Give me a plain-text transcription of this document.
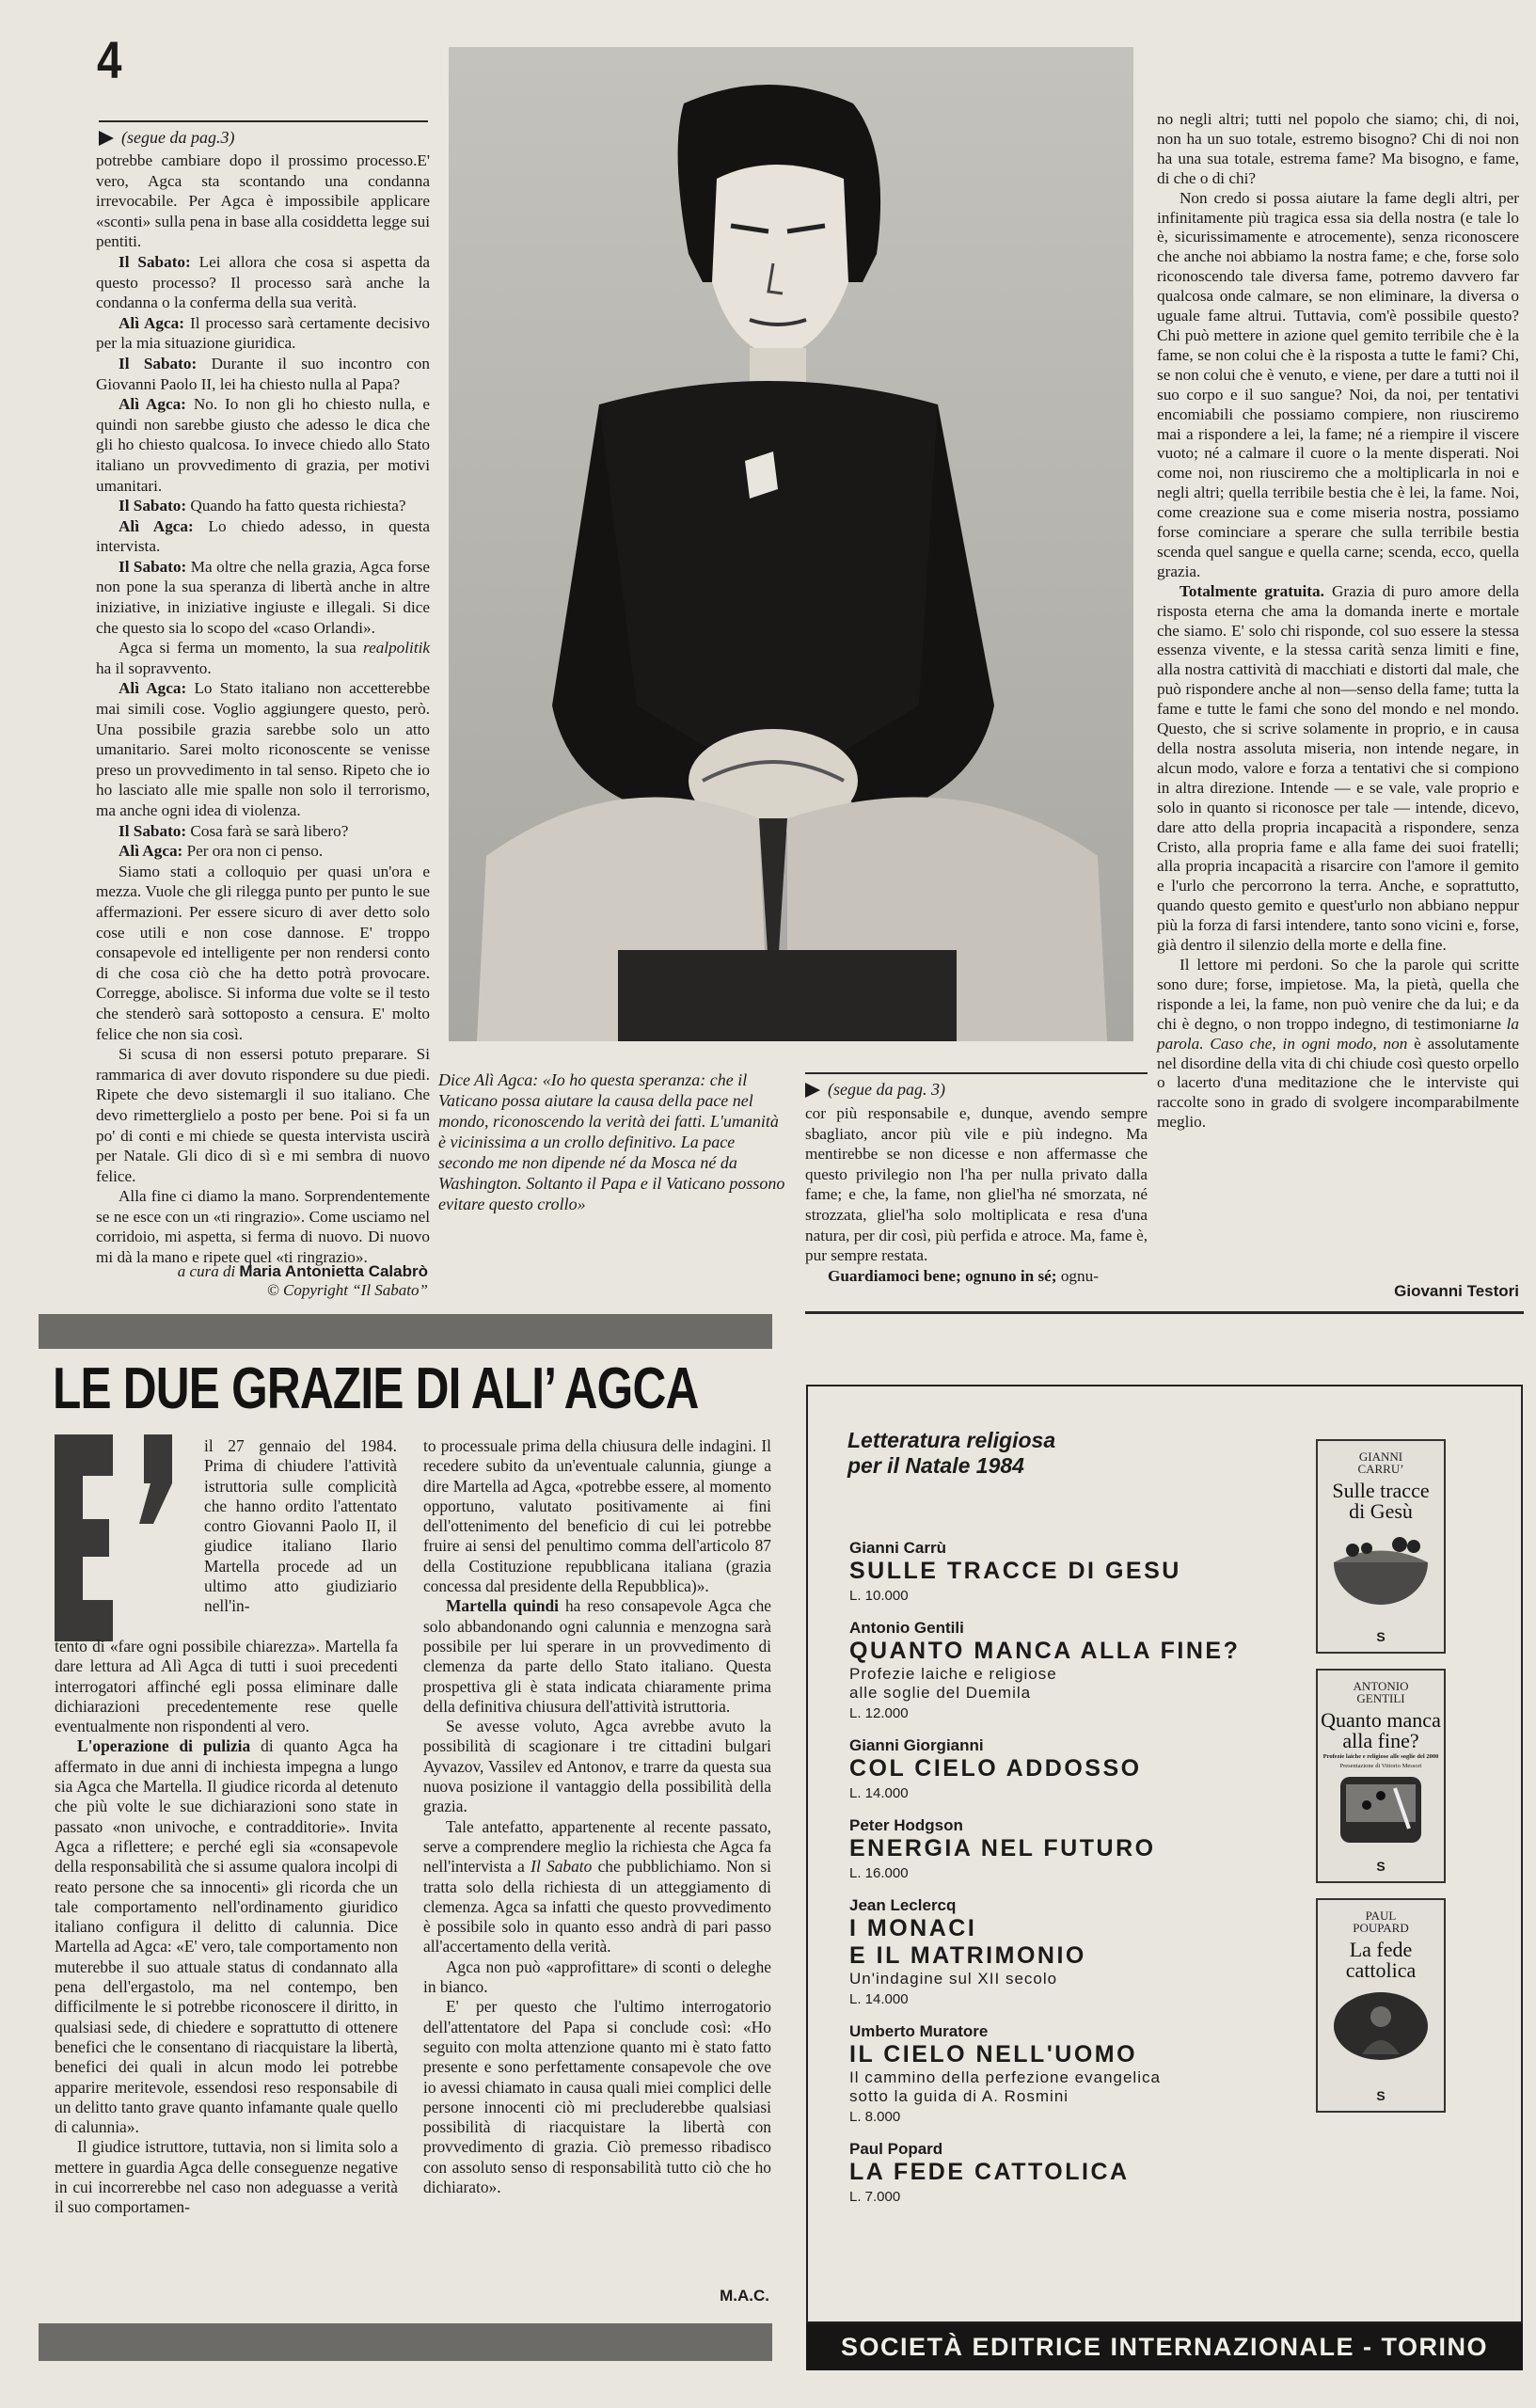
4
(segue da pag.3)

potrebbe cambiare dopo il prossimo processo.E' vero, Agca sta scontando una condanna irrevocabile. Per Agca è impossibile applicare «sconti» sulla pena in base alla cosiddetta legge sui pentiti.

Il Sabato: Lei allora che cosa si aspetta da questo processo? Il processo sarà anche la condanna o la conferma della sua verità.

Alì Agca: Il processo sarà certamente decisivo per la mia situazione giuridica.

Il Sabato: Durante il suo incontro con Giovanni Paolo II, lei ha chiesto nulla al Papa?

Alì Agca: No. Io non gli ho chiesto nulla, e quindi non sarebbe giusto che adesso le dica che gli ho chiesto qualcosa. Io invece chiedo allo Stato italiano un provvedimento di grazia, per motivi umanitari.

Il Sabato: Quando ha fatto questa richiesta?

Alì Agca: Lo chiedo adesso, in questa intervista.

Il Sabato: Ma oltre che nella grazia, Agca forse non pone la sua speranza di libertà anche in altre iniziative, in iniziative ingiuste e illegali. Si dice che questo sia lo scopo del «caso Orlandi».

Agca si ferma un momento, la sua realpolitik ha il sopravvento.

Alì Agca: Lo Stato italiano non accetterebbe mai simili cose. Voglio aggiungere questo, però. Una possibile grazia sarebbe solo un atto umanitario. Sarei molto riconoscente se venisse preso un provvedimento in tal senso. Ripeto che io ho lasciato alle mie spalle non solo il terrorismo, ma anche ogni idea di violenza.

Il Sabato: Cosa farà se sarà libero?

Alì Agca: Per ora non ci penso.

Siamo stati a colloquio per quasi un'ora e mezza. Vuole che gli rilegga punto per punto le sue affermazioni. Per essere sicuro di aver detto solo cose utili e non cose dannose. E' troppo consapevole ed intelligente per non rendersi conto di che cosa ciò che ha detto potrà provocare. Corregge, abolisce. Si informa due volte se il testo che stenderò sarà sottoposto a censura. E' molto felice che non sia così.

Si scusa di non essersi potuto preparare. Si rammarica di aver dovuto rispondere su due piedi. Ripete che devo sistemargli il suo italiano. Che devo rimetterglielo a posto per bene. Poi si fa un po' di conti e mi chiede se questa intervista uscirà per Natale. Gli dico di sì e mi sembra di nuovo felice.

Alla fine ci diamo la mano. Sorprendentemente se ne esce con un «ti ringrazio». Come usciamo nel corridoio, mi aspetta, si ferma di nuovo. Di nuovo mi dà la mano e ripete quel «ti ringrazio».

a cura di Maria Antonietta Calabrò
© Copyright “Il Sabato”
Dice Alì Agca: «Io ho questa speranza: che il Vaticano possa aiutare la causa della pace nel mondo, riconoscendo la verità dei fatti. L'umanità è vicinissima a un crollo definitivo. La pace secondo me non dipende né da Mosca né da Washington. Soltanto il Papa e il Vaticano possono evitare questo crollo»
(segue da pag. 3)

cor più responsabile e, dunque, avendo sempre sbagliato, ancor più vile e più indegno. Ma mentirebbe se non dicesse e non affermasse che questo privilegio non l'ha per nulla privato dalla fame; e che, la fame, non gliel'ha né smorzata, né strozzata, gliel'ha solo moltiplicata e resa d'una natura, per dir così, più perfida e atroce. Ma, fame è, pur sempre restata.

Guardiamoci bene; ognuno in sé; ognu-

no negli altri; tutti nel popolo che siamo; chi, di noi, non ha un suo totale, estremo bisogno? Chi di noi non ha una sua totale, estrema fame? Ma bisogno, e fame, di che o di chi?

Non credo si possa aiutare la fame degli altri, per infinitamente più tragica essa sia della nostra (e tale lo è, sicurissimamente e atrocemente), senza riconoscere che anche noi abbiamo la nostra fame; e che, forse solo riconoscendo tale diversa fame, potremo davvero far qualcosa onde calmare, se non eliminare, la diversa o uguale fame altrui. Tuttavia, com'è possibile questo? Chi può mettere in azione quel gemito terribile che è la fame, se non colui che è la risposta a tutte le fami? Chi, se non colui che è venuto, e viene, per dare a tutti noi il suo corpo e il suo sangue? Noi, da noi, per tentativi encomiabili che possiamo compiere, non riusciremo mai a rispondere a lei, la fame; né a riempire il viscere vuoto; né a calmare il cuore o la mente disperati. Noi come noi, non riusciremo che a moltiplicarla in noi e negli altri; quella terribile bestia che è lei, la fame. Noi, come creazione sua e come miseria nostra, possiamo forse cominciare a sperare che sulla terribile bestia scenda quel sangue e quella carne; scenda, ecco, quella grazia.

Totalmente gratuita. Grazia di puro amore della risposta eterna che ama la domanda inerte e mortale che siamo. E' solo chi risponde, col suo essere la stessa essenza vivente, e la stessa carità senza limiti e fine, alla nostra cattività di macchiati e distorti dal male, che può rispondere anche al non—senso della fame; tutta la fame e tutte le fami che sono del mondo e nel mondo. Questo, che si scrive solamente in proprio, e in causa della nostra assoluta miseria, non intende negare, in alcun modo, valore e forza a tentativi che si compiono in altra direzione. Intende — e se vale, vale proprio e solo in quanto si riconosce per tale — intende, dicevo, dare atto della propria incapacità a rispondere, senza Cristo, alla propria fame e alla fame dei suoi fratelli; alla propria incapacità a risarcire con l'amore il gemito e l'urlo che percorrono la terra. Anche, e soprattutto, quando questo gemito e quest'urlo non abbiano neppur più la forza di farsi intendere, tanto sono vicini e, forse, già dentro il silenzio della morte e della fine.

Il lettore mi perdoni. So che la parole qui scritte sono dure; forse, impietose. Ma, la pietà, quella che risponde a lei, la fame, non può venire che da lui; e da chi è degno, o non troppo indegno, di testimoniarne la parola. Caso che, in ogni modo, non è assolutamente nel disordine della vita di chi chiude così questo orpello o lacerto d'una meditazione che le interviste qui raccolte sono in grado di svolgere incomparabilmente meglio.

Giovanni Testori
LE DUE GRAZIE DI ALI’ AGCA

il 27 gennaio del 1984. Prima di chiudere l'attività istruttoria sulle complicità che hanno ordito l'attentato contro Giovanni Paolo II, il giudice italiano Ilario Martella procede ad un ultimo atto giudiziario nell'in-

tento di «fare ogni possibile chiarezza». Martella fa dare lettura ad Alì Agca di tutti i suoi precedenti interrogatori affinché egli possa eliminare dalle dichiarazioni precedentemente rese quelle eventualmente non rispondenti al vero.

L'operazione di pulizia di quanto Agca ha affermato in due anni di inchiesta impegna a lungo sia Agca che Martella. Il giudice ricorda al detenuto che più volte le sue dichiarazioni sono state in passato «non univoche, e contradditorie». Invita Agca a riflettere; e perché egli sia «consapevole della responsabilità che si assume qualora incolpi di reato persone che sa innocenti» gli ricorda che un tale comportamento nell'ordinamento giuridico italiano configura il delitto di calunnia. Dice Martella ad Agca: «E' vero, tale comportamento non muterebbe il suo attuale status di condannato alla pena dell'ergastolo, ma nel contempo, ben difficilmente le si potrebbe riconoscere il diritto, in qualsiasi sede, di chiedere e soprattutto di ottenere benefici che le consentano di riacquistare la libertà, benefici dei quali in alcun modo lei potrebbe apparire meritevole, essendosi reso responsabile di un delitto tanto grave quanto infamante quale quello di calunnia».

Il giudice istruttore, tuttavia, non si limita solo a mettere in guardia Agca delle conseguenze negative in cui incorrerebbe nel caso non adeguasse a verità il suo comportamen-

to processuale prima della chiusura delle indagini. Il recedere subito da un'eventuale calunnia, giunge a dire Martella ad Agca, «potrebbe essere, al momento opportuno, valutato positivamente ai fini dell'ottenimento del beneficio di cui lei potrebbe fruire ai sensi del penultimo comma dell'articolo 87 della Costituzione repubblicana italiana (grazia concessa dal presidente della Repubblica)».

Martella quindi ha reso consapevole Agca che solo abbandonando ogni calunnia e menzogna sarà possibile per lui sperare in un provvedimento di clemenza da parte dello Stato italiano. Questa prospettiva gli è stata indicata chiaramente prima della definitiva chiusura dell'attività istruttoria.

Se avesse voluto, Agca avrebbe avuto la possibilità di scagionare i tre cittadini bulgari Ayvazov, Vassilev ed Antonov, e trarre da questa sua nuova posizione il vantaggio della possibilità della grazia.

Tale antefatto, appartenente al recente passato, serve a comprendere meglio la richiesta che Agca fa nell'intervista a Il Sabato che pubblichiamo. Non si tratta solo della richiesta di un atteggiamento di clemenza. Agca sa infatti che questo provvedimento è possibile solo in quanto esso andrà di pari passo all'accertamento della verità.

Agca non può «approfittare» di sconti o deleghe in bianco.

E' per questo che l'ultimo interrogatorio dell'attentatore del Papa si conclude così: «Ho seguito con molta attenzione quanto mi è stato fatto presente e sono perfettamente consapevole che ove io avessi chiamato in causa quali miei complici delle persone innocenti ciò mi precluderebbe qualsiasi possibilità di riacquistare la libertà con provvedimento di grazia. Ciò premesso ribadisco con assoluto senso di responsabilità tutto ciò che ho dichiarato».

M.A.C.
Letteratura religiosa
per il Natale 1984
Gianni Carrù
SULLE TRACCE DI GESU
L. 10.000
Antonio Gentili
QUANTO MANCA ALLA FINE?
Profezie laiche e religiose
alle soglie del Duemila
L. 12.000
Gianni Giorgianni
COL CIELO ADDOSSO
L. 14.000
Peter Hodgson
ENERGIA NEL FUTURO
L. 16.000
Jean Leclercq
I MONACI
E IL MATRIMONIO
Un'indagine sul XII secolo
L. 14.000
Umberto Muratore
IL CIELO NELL'UOMO
Il cammino della perfezione evangelica
sotto la guida di A. Rosmini
L. 8.000
Paul Popard
LA FEDE CATTOLICA
L. 7.000
GIANNI
CARRU’
Sulle tracce
di Gesù
S
ANTONIO
GENTILI
Quanto manca
alla fine?
Profezie laiche e religiose alle soglie del 2000
Presentazione di Vittorio Messori
S
PAUL
POUPARD
La fede
cattolica
S
SOCIETÀ EDITRICE INTERNAZIONALE - TORINO
